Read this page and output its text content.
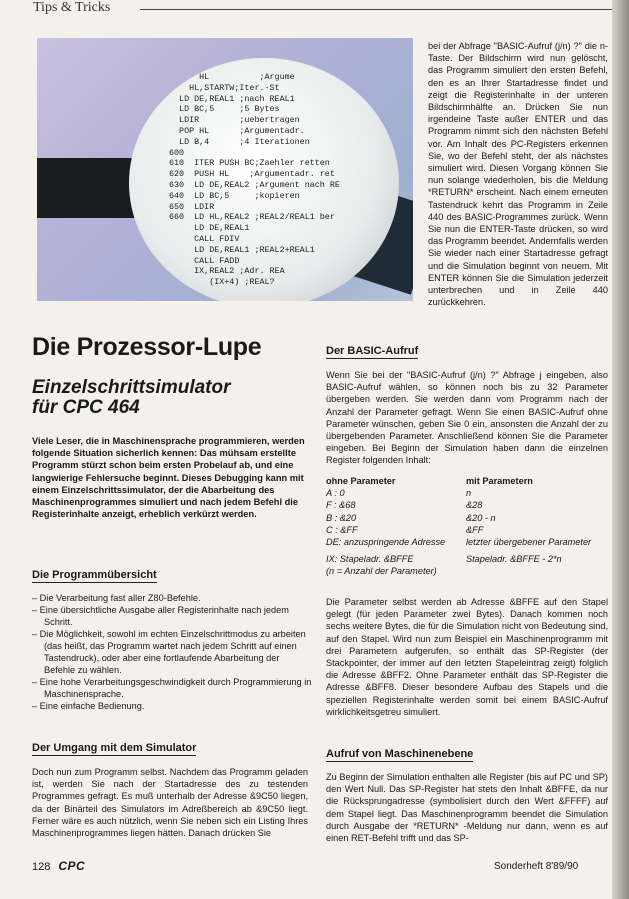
Tips & Tricks
HL          ;Argume
HL,STARTW;Iter.-St
LD DE,REAL1 ;nach REAL1
LD BC,5     ;5 Bytes
LDIR        ;uebertragen
POP HL      ;Argumentadr.
LD B,4      ;4 Iterationen
600
610  ITER PUSH BC;Zaehler retten
620  PUSH HL    ;Argumentadr. ret
630  LD DE,REAL2 ;Argument nach RE
640  LD BC,5     ;kopieren
650  LDIR
660  LD HL,REAL2 ;REAL2/REAL1 ber
LD DE,REAL1
CALL FDIV
LD DE,REAL1 ;REAL2+REAL1
CALL FADD
IX,REAL2 ;Adr. REA
(IX+4) ;REAL?
Die Prozessor-Lupe
Einzelschrittsimulator
für CPC 464
Viele Leser, die in Maschinensprache programmieren, werden folgende Situation sicherlich kennen: Das mühsam erstellte Programm stürzt schon beim ersten Probelauf ab, und eine langwierige Fehlersuche beginnt. Dieses Debugging kann mit einem Einzelschrittssimulator, der die Abarbeitung des Maschinenprogrammes simuliert und nach jedem Befehl die Registerinhalte anzeigt, erheblich verkürzt werden.
Die Programmübersicht
– Die Verarbeitung fast aller Z80-Befehle.
– Eine übersichtliche Ausgabe aller Registerinhalte nach jedem Schritt.
– Die Möglichkeit, sowohl im echten Einzelschrittmodus zu arbeiten (das heißt, das Programm wartet nach jedem Schritt auf einen Tastendruck), oder aber eine fortlaufende Abarbeitung der Befehle zu wählen.
– Eine hohe Verarbeitungsgeschwindigkeit durch Programmierung in Maschinensprache.
– Eine einfache Bedienung.
Der Umgang mit dem Simulator
Doch nun zum Programm selbst. Nachdem das Programm geladen ist, werden Sie nach der Startadresse des zu testenden Programmes gefragt. Es muß unterhalb der Adresse &9C50 liegen, da der Binärteil des Simulators im Adreßbereich ab &9C50 liegt. Ferner wäre es auch nützlich, wenn Sie neben sich ein Listing Ihres Maschinenprogrammes liegen hätten. Danach drücken Sie
bei der Abfrage "BASIC-Aufruf (j/n) ?" die n-Taste. Der Bildschirm wird nun gelöscht, das Programm simuliert den ersten Befehl, den es an Ihrer Startadresse findet und zeigt die Registerinhalte in der unteren Bildschirmhälfte an. Drücken Sie nun irgendeine Taste außer ENTER und das Programm nimmt sich den nächsten Befehl vor. Am Inhalt des PC-Registers erkennen Sie, wo der Befehl steht, der als nächstes simuliert wird. Diesen Vorgang können Sie nun solange wiederholen, bis die Meldung *RETURN* erscheint. Nach einem erneuten Tastendruck kehrt das Programm in Zeile 440 des BASIC-Programmes zurück. Wenn Sie nun die ENTER-Taste drücken, so wird das Programm beendet. Andernfalls werden Sie wieder nach einer Startadresse gefragt und die Simulation beginnt von neuem. Mit ENTER können Sie die Simulation jederzeit unterbrechen und in Zeile 440 zurückkehren.
Der BASIC-Aufruf
Wenn Sie bei der "BASIC-Aufruf (j/n) ?" Abfrage j eingeben, also BASIC-Aufruf wählen, so können noch bis zu 32 Parameter übergeben werden. Sie werden dann vom Programm nach der Anzahl der Parameter gefragt. Wenn Sie einen BASIC-Aufruf ohne Parameter wünschen, geben Sie 0 ein, ansonsten die Anzahl der zu übergebenden Parameter. Anschließend können Sie die Parameter eingeben. Bei Beginn der Simulation haben dann die einzelnen Register folgenden Inhalt:
ohne Parameter	mit Parametern
A : 0	n
F : &68	&28
B : &20	&20 - n
C : &FF	&FF
DE: anzuspringende Adresse	letzter übergebener Parameter
IX: Stapeladr. &BFFE	Stapeladr. &BFFE - 2*n
(n = Anzahl der Parameter)	
Die Parameter selbst werden ab Adresse &BFFE auf den Stapel gelegt (für jeden Parameter zwei Bytes). Danach kommen noch sechs weitere Bytes, die für die Simulation nicht von Bedeutung sind, auf den Stapel. Wird nun zum Beispiel ein Maschinenprogramm mit drei Parametern aufgerufen, so enthält das SP-Register (der Stackpointer, der immer auf den letzten Stapeleintrag zeigt) folglich die Adresse &BFF2. Ohne Parameter enthält das SP-Register die Adresse &BFF8. Dieser besondere Aufbau des Stapels und die speziellen Registerinhalte werden somit bei einem BASIC-Aufruf wirklichkeitsgetreu simuliert.
Aufruf von Maschinenebene
Zu Beginn der Simulation enthalten alle Register (bis auf PC und SP) den Wert Null. Das SP-Register hat stets den Inhalt &BFFE, da nur die Rücksprungadresse (symbolisiert durch den Wert &FFFF) auf dem Stapel liegt. Das Maschinenprogramm beendet die Simulation durch Ausgabe der *RETURN* -Meldung nur dann, wenn es auf einen RET-Befehl trifft und das SP-
128 CPC	Sonderheft 8'89/90
